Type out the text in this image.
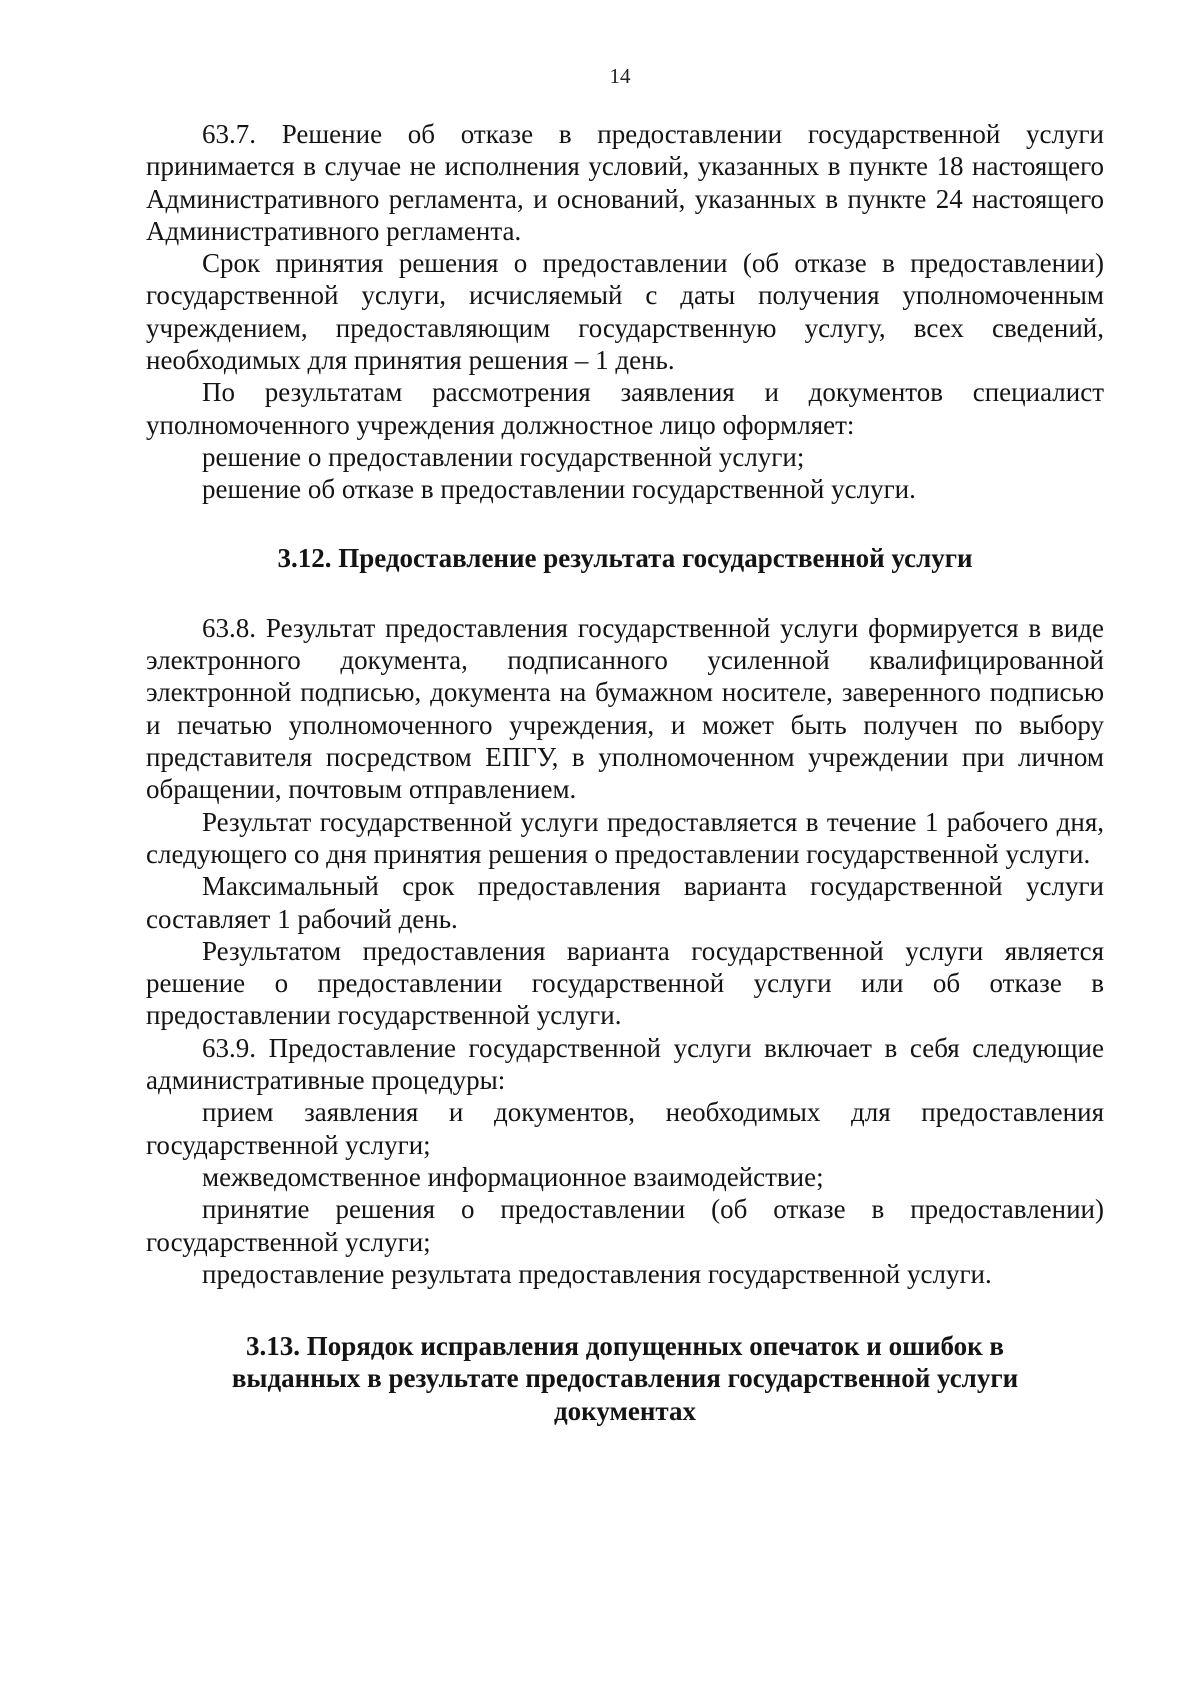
14

63.7. Решение об отказе в предоставлении государственной услуги принимается в случае не исполнения условий, указанных в пункте 18 настоящего Административного регламента, и оснований, указанных в пункте 24 настоящего Административного регламента.

Срок принятия решения о предоставлении (об отказе в предоставлении) государственной услуги, исчисляемый с даты получения уполномоченным учреждением, предоставляющим государственную услугу, всех сведений, необходимых для принятия решения – 1 день.

По результатам рассмотрения заявления и документов специалист уполномоченного учреждения должностное лицо оформляет:

решение о предоставлении государственной услуги;

решение об отказе в предоставлении государственной услуги.

3.12. Предоставление результата государственной услуги

63.8. Результат предоставления государственной услуги формируется в виде электронного документа, подписанного усиленной квалифицированной электронной подписью, документа на бумажном носителе, заверенного подписью и печатью уполномоченного учреждения, и может быть получен по выбору представителя посредством ЕПГУ, в уполномоченном учреждении при личном обращении, почтовым отправлением.

Результат государственной услуги предоставляется в течение 1 рабочего дня, следующего со дня принятия решения о предоставлении государственной услуги.

Максимальный срок предоставления варианта государственной услуги составляет 1 рабочий день.

Результатом предоставления варианта государственной услуги является решение о предоставлении государственной услуги или об отказе в предоставлении государственной услуги.

63.9. Предоставление государственной услуги включает в себя следующие административные процедуры:

прием заявления и документов, необходимых для предоставления государственной услуги;

межведомственное информационное взаимодействие;

принятие решения о предоставлении (об отказе в предоставлении) государственной услуги;

предоставление результата предоставления государственной услуги.

3.13. Порядок исправления допущенных опечаток и ошибок в выданных в результате предоставления государственной услуги документах
